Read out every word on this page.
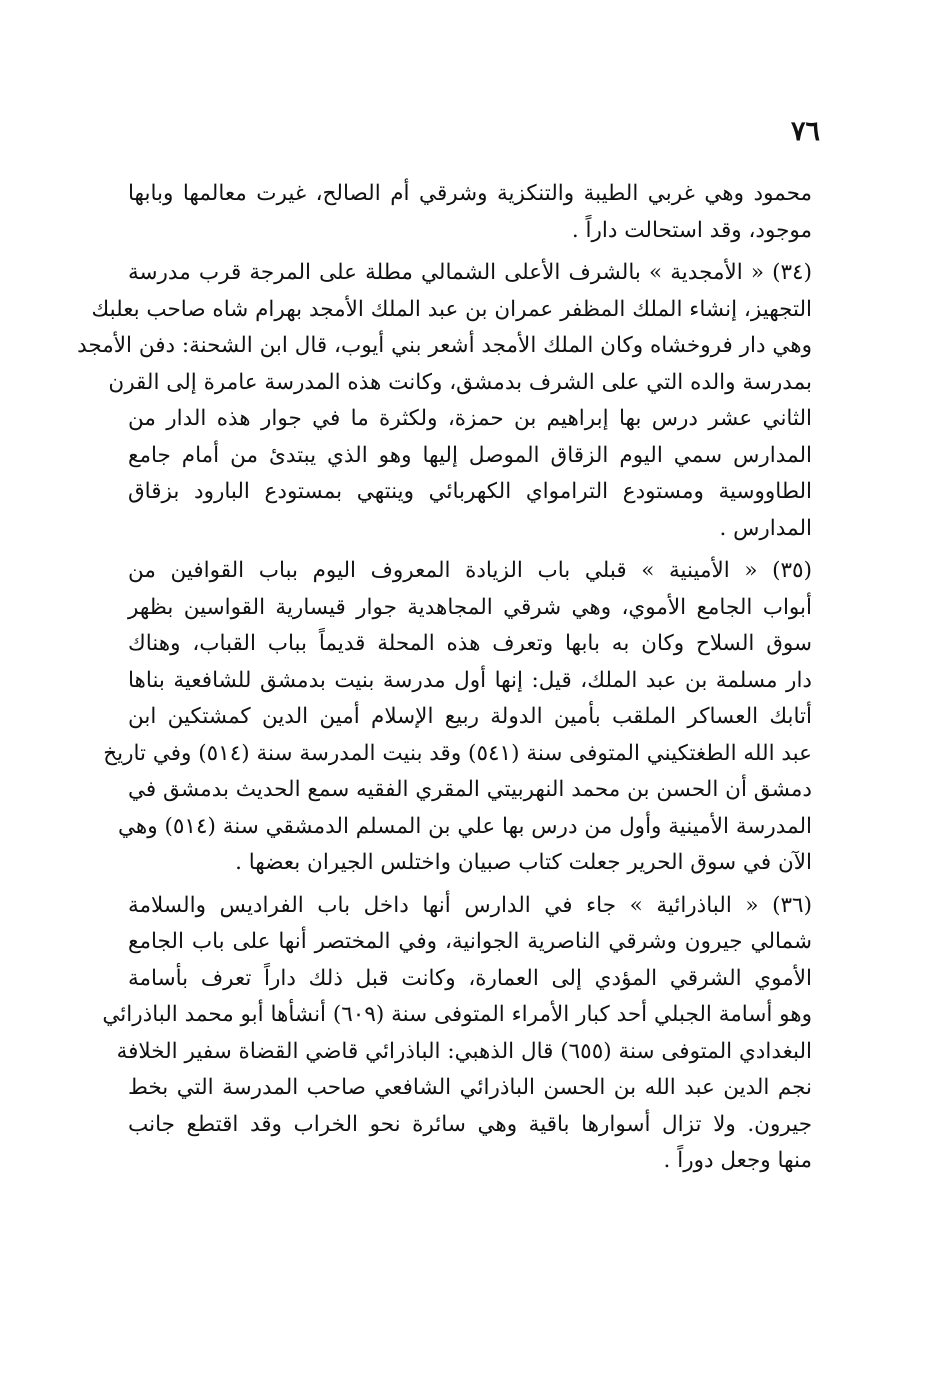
٧٦
محمود وهي غربي الطيبة والتنكزية وشرقي أم الصالح، غيرت معالمها وبابها
موجود، وقد استحالت داراً .
(٣٤) « الأمجدية » بالشرف الأعلى الشمالي مطلة على المرجة قرب مدرسة
التجهيز، إنشاء الملك المظفر عمران بن عبد الملك الأمجد بهرام شاه صاحب بعلبك
وهي دار فروخشاه وكان الملك الأمجد أشعر بني أيوب، قال ابن الشحنة: دفن الأمجد
بمدرسة والده التي على الشرف بدمشق، وكانت هذه المدرسة عامرة إلى القرن
الثاني عشر درس بها إبراهيم بن حمزة، ولكثرة ما في جوار هذه الدار من
المدارس سمي اليوم الزقاق الموصل إليها وهو الذي يبتدئ من أمام جامع
الطاووسية ومستودع الترامواي الكهربائي وينتهي بمستودع البارود بزقاق
المدارس .
(٣٥) « الأمينية » قبلي باب الزيادة المعروف اليوم بباب القوافين من
أبواب الجامع الأموي، وهي شرقي المجاهدية جوار قيسارية القواسين بظهر
سوق السلاح وكان به بابها وتعرف هذه المحلة قديماً بباب القباب، وهناك
دار مسلمة بن عبد الملك، قيل: إنها أول مدرسة بنيت بدمشق للشافعية بناها
أتابك العساكر الملقب بأمين الدولة ربيع الإسلام أمين الدين كمشتكين ابن
عبد الله الطغتكيني المتوفى سنة (٥٤١) وقد بنيت المدرسة سنة (٥١٤) وفي تاريخ
دمشق أن الحسن بن محمد النهربيتي المقري الفقيه سمع الحديث بدمشق في
المدرسة الأمينية وأول من درس بها علي بن المسلم الدمشقي سنة (٥١٤) وهي
الآن في سوق الحرير جعلت كتاب صبيان واختلس الجيران بعضها .
(٣٦) « الباذرائية » جاء في الدارس أنها داخل باب الفراديس والسلامة
شمالي جيرون وشرقي الناصرية الجوانية، وفي المختصر أنها على باب الجامع
الأموي الشرقي المؤدي إلى العمارة، وكانت قبل ذلك داراً تعرف بأسامة
وهو أسامة الجبلي أحد كبار الأمراء المتوفى سنة (٦٠٩) أنشأها أبو محمد الباذرائي
البغدادي المتوفى سنة (٦٥٥) قال الذهبي: الباذرائي قاضي القضاة سفير الخلافة
نجم الدين عبد الله بن الحسن الباذرائي الشافعي صاحب المدرسة التي بخط
جيرون. ولا تزال أسوارها باقية وهي سائرة نحو الخراب وقد اقتطع جانب
منها وجعل دوراً .
